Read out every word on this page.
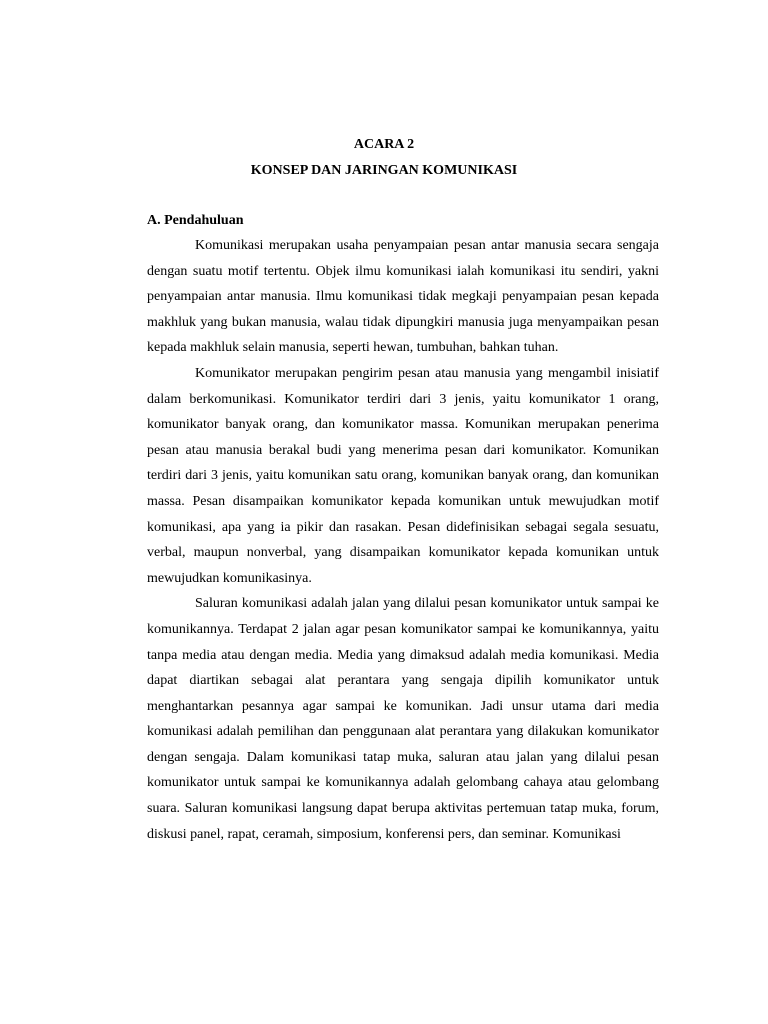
ACARA 2
KONSEP DAN JARINGAN KOMUNIKASI
A. Pendahuluan

Komunikasi merupakan usaha penyampaian pesan antar manusia secara sengaja dengan suatu motif tertentu. Objek ilmu komunikasi ialah komunikasi itu sendiri, yakni penyampaian antar manusia. Ilmu komunikasi tidak megkaji penyampaian pesan kepada makhluk yang bukan manusia, walau tidak dipungkiri manusia juga menyampaikan pesan kepada makhluk selain manusia, seperti hewan, tumbuhan, bahkan tuhan.

Komunikator merupakan pengirim pesan atau manusia yang mengambil inisiatif dalam berkomunikasi. Komunikator terdiri dari 3 jenis, yaitu komunikator 1 orang, komunikator banyak orang, dan komunikator massa. Komunikan merupakan penerima pesan atau manusia berakal budi yang menerima pesan dari komunikator. Komunikan terdiri dari 3 jenis, yaitu komunikan satu orang, komunikan banyak orang, dan komunikan massa. Pesan disampaikan komunikator kepada komunikan untuk mewujudkan motif komunikasi, apa yang ia pikir dan rasakan. Pesan didefinisikan sebagai segala sesuatu, verbal, maupun nonverbal, yang disampaikan komunikator kepada komunikan untuk mewujudkan komunikasinya.

Saluran komunikasi adalah jalan yang dilalui pesan komunikator untuk sampai ke komunikannya. Terdapat 2 jalan agar pesan komunikator sampai ke komunikannya, yaitu tanpa media atau dengan media. Media yang dimaksud adalah media komunikasi. Media dapat diartikan sebagai alat perantara yang sengaja dipilih komunikator untuk menghantarkan pesannya agar sampai ke komunikan. Jadi unsur utama dari media komunikasi adalah pemilihan dan penggunaan alat perantara yang dilakukan komunikator dengan sengaja. Dalam komunikasi tatap muka, saluran atau jalan yang dilalui pesan komunikator untuk sampai ke komunikannya adalah gelombang cahaya atau gelombang suara. Saluran komunikasi langsung dapat berupa aktivitas pertemuan tatap muka, forum, diskusi panel, rapat, ceramah, simposium, konferensi pers, dan seminar. Komunikasi
